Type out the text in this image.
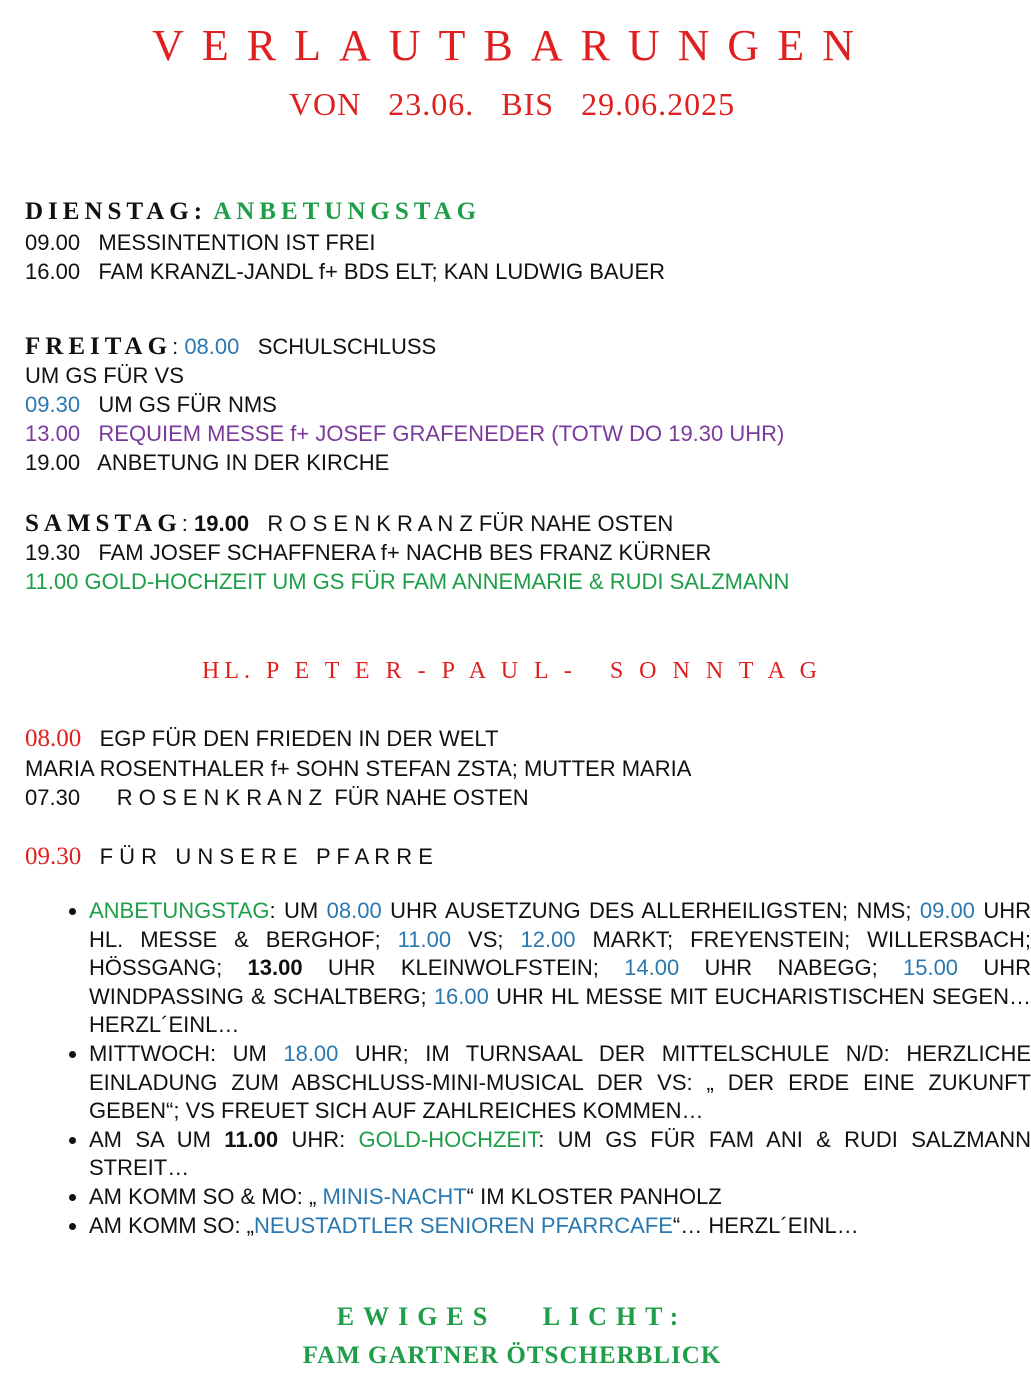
VERLAUTBARUNGEN
VON   23.06.   BIS   29.06.2025
DIENSTAG: ANBETUNGSTAG
09.00   MESSINTENTION IST FREI
16.00   FAM KRANZL-JANDL f+ BDS ELT; KAN LUDWIG BAUER
FREITAG: 08.00   SCHULSCHLUSS
UM GS FÜR VS
09.30   UM GS FÜR NMS
13.00   REQUIEM MESSE f+ JOSEF GRAFENEDER (TOTW DO 19.30 UHR)
19.00   ANBETUNG IN DER KIRCHE
SAMSTAG: 19.00   R O S E N K R A N Z FÜR NAHE OSTEN
19.30   FAM JOSEF SCHAFFNERA f+ NACHB BES FRANZ KÜRNER
11.00 GOLD-HOCHZEIT UM GS FÜR FAM ANNEMARIE & RUDI SALZMANN
HL. P E T E R - P A U L -   S O N N T A G
08.00   EGP FÜR DEN FRIEDEN IN DER WELT
MARIA ROSENTHALER f+ SOHN STEFAN ZSTA; MUTTER MARIA
07.30      R O S E N K R A N Z  FÜR NAHE OSTEN
09.30   F Ü R   U N S E R E   P F A R R E
• ANBETUNGSTAG: UM 08.00 UHR AUSETZUNG DES ALLERHEILIGSTEN; NMS; 09.00 UHR HL. MESSE & BERGHOF; 11.00 VS; 12.00 MARKT; FREYENSTEIN; WILLERSBACH; HÖSSGANG; 13.00 UHR KLEINWOLFSTEIN; 14.00 UHR NABEGG; 15.00 UHR WINDPASSING & SCHALTBERG; 16.00 UHR HL MESSE MIT EUCHARISTISCHEN SEGEN… HERZL´EINL…
• MITTWOCH: UM 18.00 UHR; IM TURNSAAL DER MITTELSCHULE N/D: HERZLICHE EINLADUNG ZUM ABSCHLUSS-MINI-MUSICAL DER VS: „ DER ERDE EINE ZUKUNFT GEBEN“; VS FREUET SICH AUF ZAHLREICHES KOMMEN…
• AM SA UM 11.00 UHR: GOLD-HOCHZEIT: UM GS FÜR FAM ANI & RUDI SALZMANN STREIT…
• AM KOMM SO & MO: „ MINIS-NACHT“ IM KLOSTER PANHOLZ
• AM KOMM SO: „NEUSTADTLER SENIOREN PFARRCAFE“… HERZL´EINL…
EWIGES   LICHT:
FAM GARTNER ÖTSCHERBLICK
